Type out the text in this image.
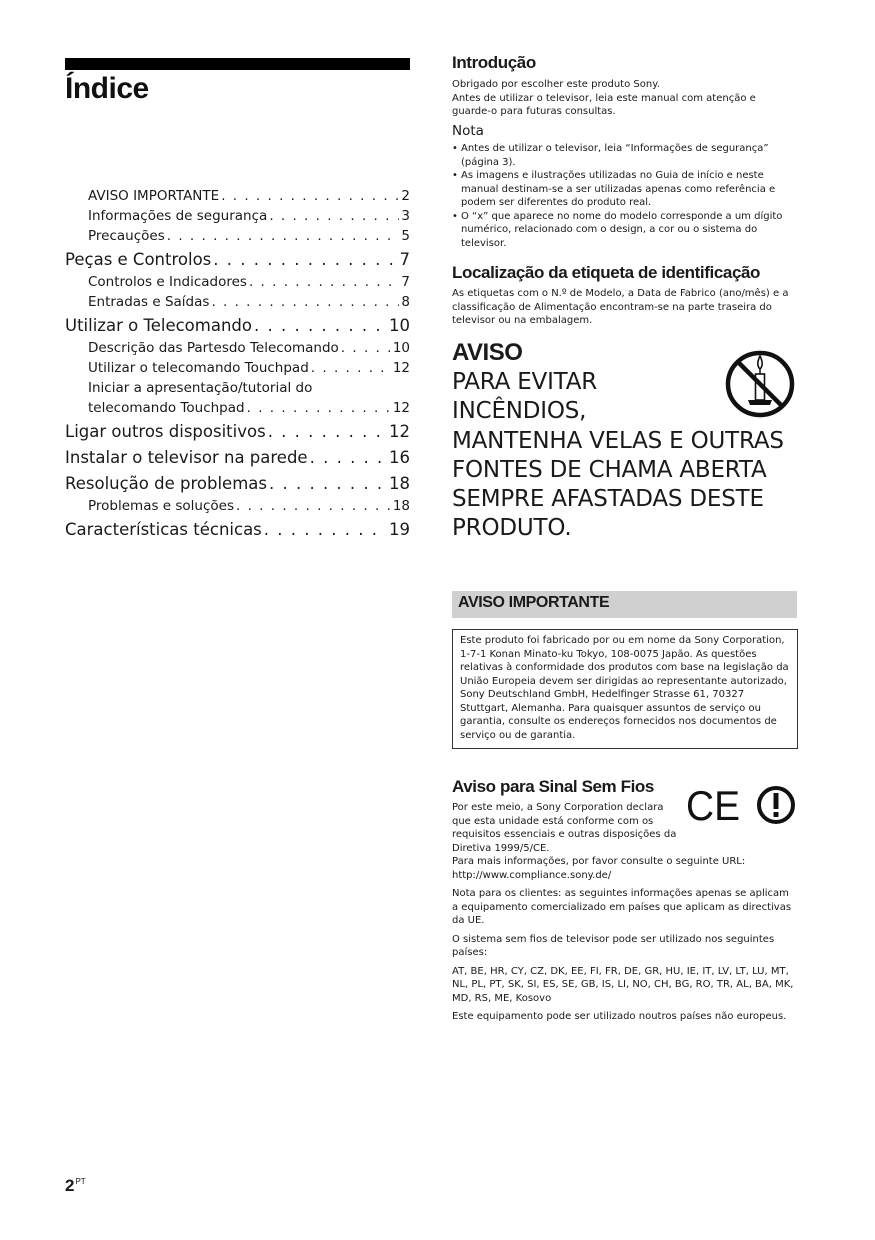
Índice
AVISO IMPORTANTE . . .	2
Informações de segurança . . .	3
Precauções . . .	5
Peças e Controlos . . .	7
Controlos e Indicadores . . .	7
Entradas e Saídas . . .	8
Utilizar o Telecomando . . .	10
Descrição das Partesdo Telecomando . . .	10
Utilizar o telecomando Touchpad . . .	12
Iniciar a apresentação/tutorial do
telecomando Touchpad . . .	12
Ligar outros dispositivos . . .	12
Instalar o televisor na parede . . .	16
Resolução de problemas . . .	18
Problemas e soluções . . .	18
Características técnicas . . .	19
$2^{PT}$
Introdução
Obrigado por escolher este produto Sony.
Antes de utilizar o televisor, leia este manual com atenção e guarde-o para futuras consultas.
Nota
• Antes de utilizar o televisor, leia “Informações de segurança” (página 3).
• As imagens e ilustrações utilizadas no Guia de início e neste manual destinam-se a ser utilizadas apenas como referência e podem ser diferentes do produto real.
• O “x” que aparece no nome do modelo corresponde a um dígito numérico, relacionado com o design, a cor ou o sistema do televisor.
Localização da etiqueta de identificação

As etiquetas com o N.º de Modelo, a Data de Fabrico (ano/mês) e a classificação de Alimentação encontram-se na parte traseira do televisor ou na embalagem.

AVISO
PARA EVITAR
INCÊNDIOS,
MANTENHA VELAS E OUTRAS
FONTES DE CHAMA ABERTA
SEMPRE AFASTADAS DESTE
PRODUTO.
AVISO IMPORTANTE
Este produto foi fabricado por ou em nome da Sony Corporation, 1-7-1 Konan Minato-ku Tokyo, 108-0075 Japão. As questões relativas à conformidade dos produtos com base na legislação da União Europeia devem ser dirigidas ao representante autorizado, Sony Deutschland GmbH, Hedelfinger Strasse 61, 70327 Stuttgart, Alemanha. Para quaisquer assuntos de serviço ou garantia, consulte os endereços fornecidos nos documentos de serviço ou de garantia.
Aviso para Sinal Sem Fios

Por este meio, a Sony Corporation declara que esta unidade está conforme com os requisitos essenciais e outras disposições da Diretiva 1999/5/CE.

CE

Para mais informações, por favor consulte o seguinte URL:
http://www.compliance.sony.de/

Nota para os clientes: as seguintes informações apenas se aplicam a equipamento comercializado em países que aplicam as directivas da UE.

O sistema sem fios de televisor pode ser utilizado nos seguintes países:

AT, BE, HR, CY, CZ, DK, EE, FI, FR, DE, GR, HU, IE, IT, LV, LT, LU, MT, NL, PL, PT, SK, SI, ES, SE, GB, IS, LI, NO, CH, BG, RO, TR, AL, BA, MK, MD, RS, ME, Kosovo

Este equipamento pode ser utilizado noutros países não europeus.
